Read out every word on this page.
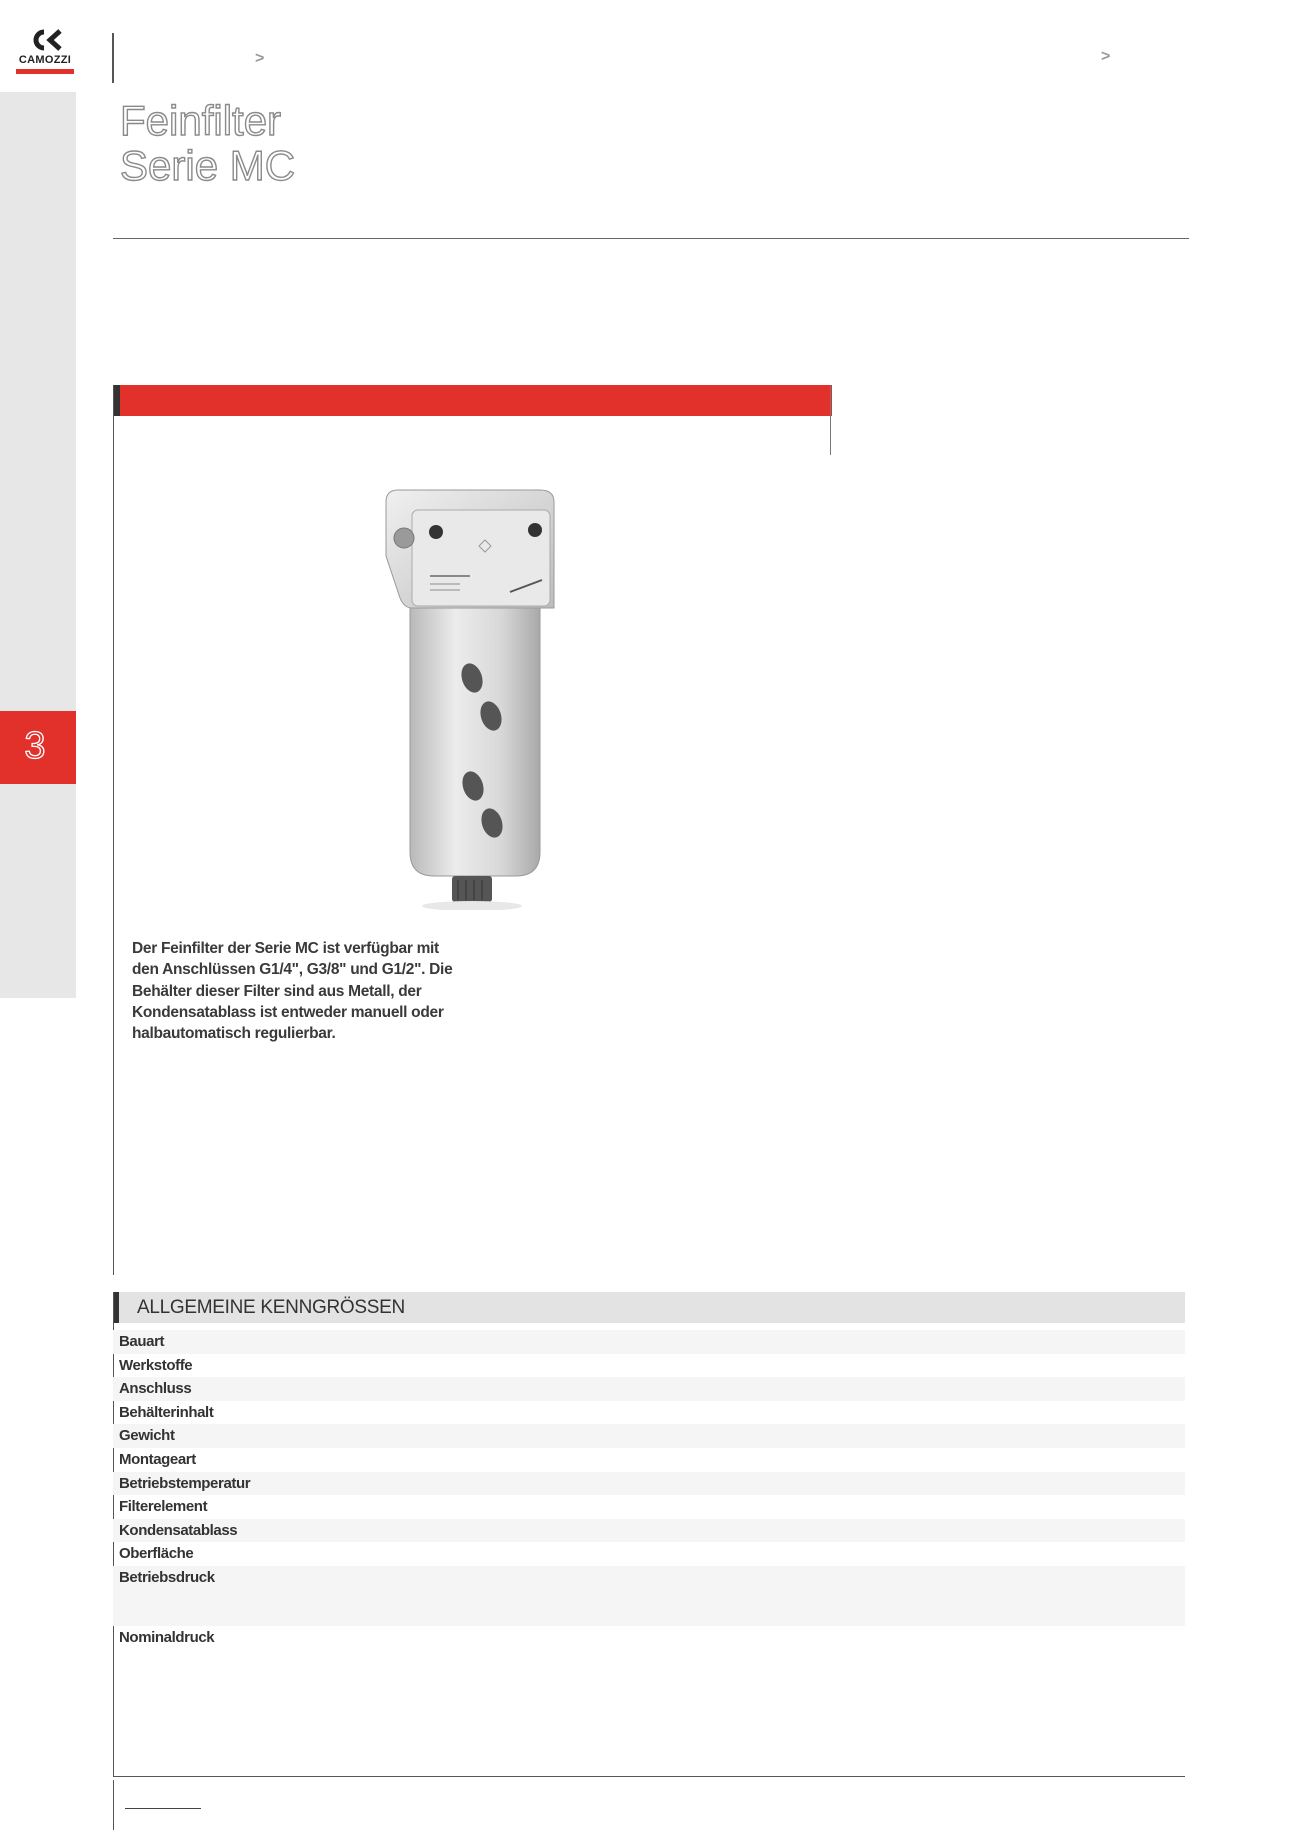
CAMOZZI	>	>
3
Feinfilter
Serie MC
Der Feinfilter der Serie MC ist verfügbar mit den Anschlüssen G1/4", G3/8" und G1/2". Die Behälter dieser Filter sind aus Metall, der Kondensatablass ist entweder manuell oder halbautomatisch regulierbar.
ALLGEMEINE KENNGRÖSSEN
Bauart
Werkstoffe
Anschluss
Behälterinhalt
Gewicht
Montageart
Betriebstemperatur
Filterelement
Kondensatablass
Oberfläche
Betriebsdruck
Nominaldruck
